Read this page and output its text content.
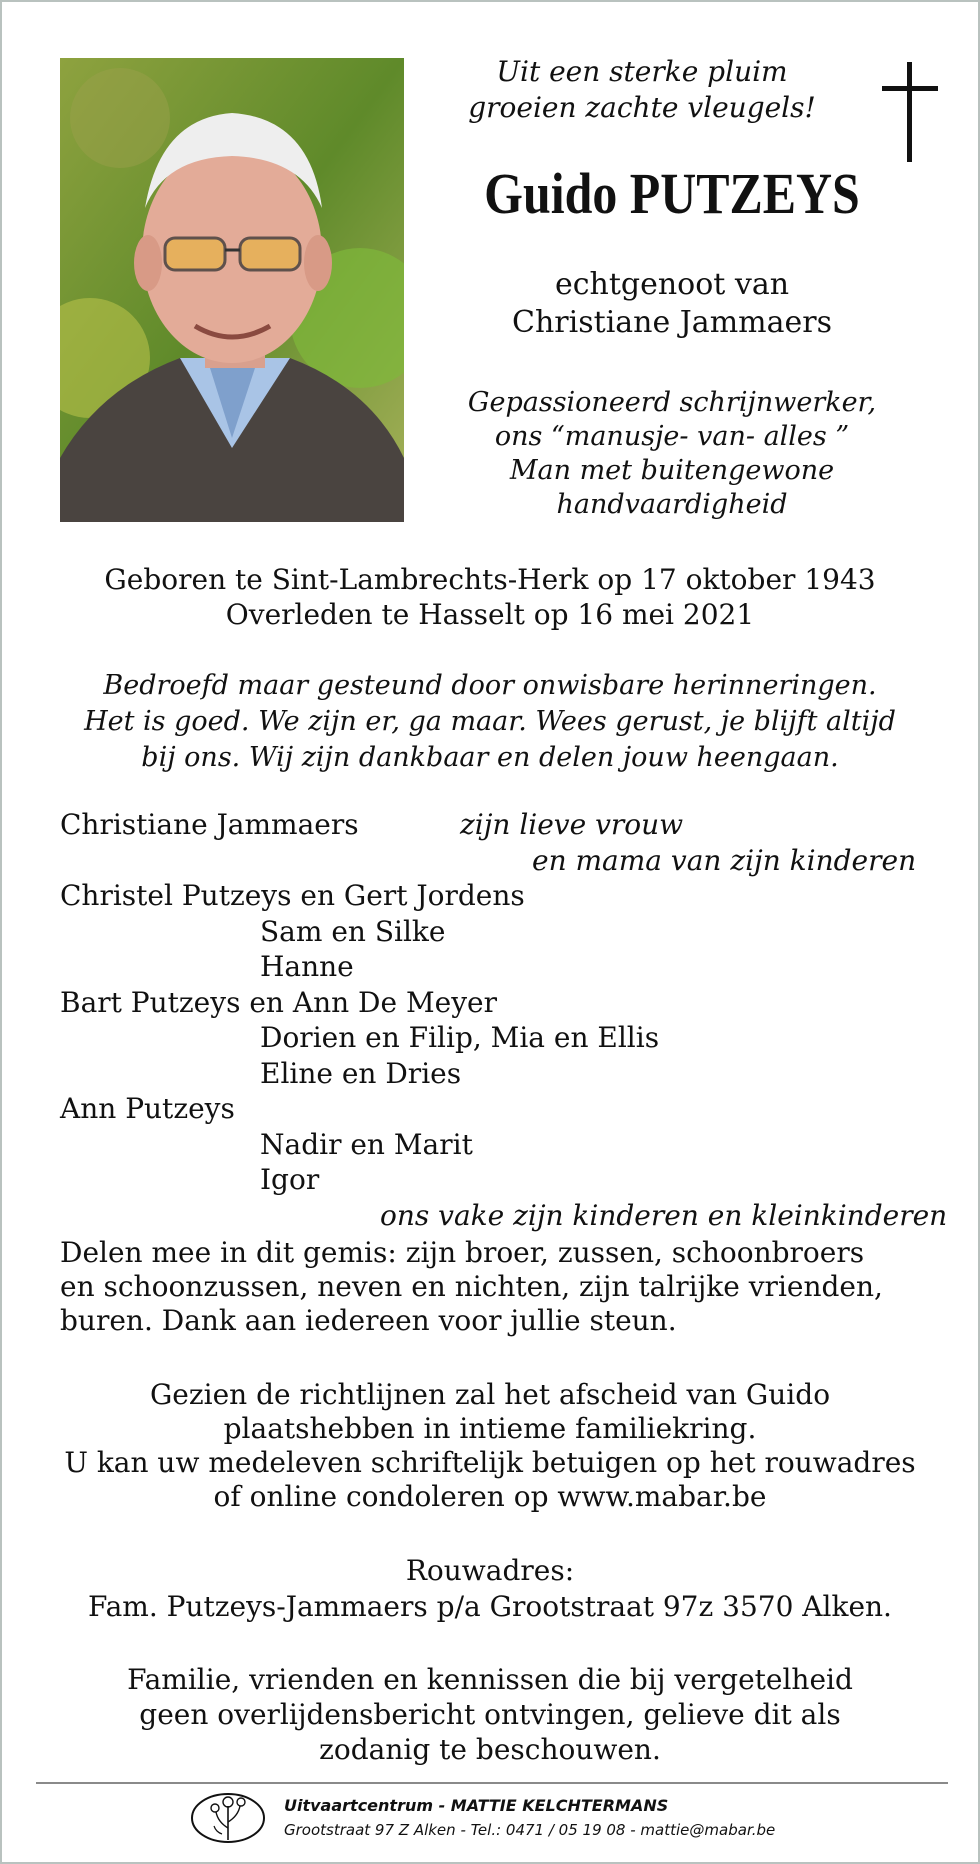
Uit een sterke pluim
groeien zachte vleugels!
Guido PUTZEYS
echtgenoot van
Christiane Jammaers
Gepassioneerd schrijnwerker,
ons “manusje- van- alles ”
Man met buitengewone
handvaardigheid
Geboren te Sint-Lambrechts-Herk op 17 oktober 1943
Overleden te Hasselt op 16 mei 2021
Bedroefd maar gesteund door onwisbare herinneringen.
Het is goed. We zijn er, ga maar. Wees gerust, je blijft altijd
bij ons. Wij zijn dankbaar en delen jouw heengaan.
Christiane Jammaers	zijn lieve vrouw
en mama van zijn kinderen
Christel Putzeys en Gert Jordens
Sam en Silke
Hanne
Bart Putzeys en Ann De Meyer
Dorien en Filip, Mia en Ellis
Eline en Dries
Ann Putzeys
Nadir en Marit
Igor
ons vake zijn kinderen en kleinkinderen
Delen mee in dit gemis: zijn broer, zussen, schoonbroers
en schoonzussen, neven en nichten, zijn talrijke vrienden,
buren. Dank aan iedereen voor jullie steun.
Gezien de richtlijnen zal het afscheid van Guido
plaatshebben in intieme familiekring.
U kan uw medeleven schriftelijk betuigen op het rouwadres
of online condoleren op www.mabar.be
Rouwadres:
Fam. Putzeys-Jammaers p/a Grootstraat 97z 3570 Alken.
Familie, vrienden en kennissen die bij vergetelheid
geen overlijdensbericht ontvingen, gelieve dit als
zodanig te beschouwen.
Uitvaartcentrum - MATTIE KELCHTERMANS
Grootstraat 97 Z Alken - Tel.: 0471 / 05 19 08 - mattie@mabar.be
